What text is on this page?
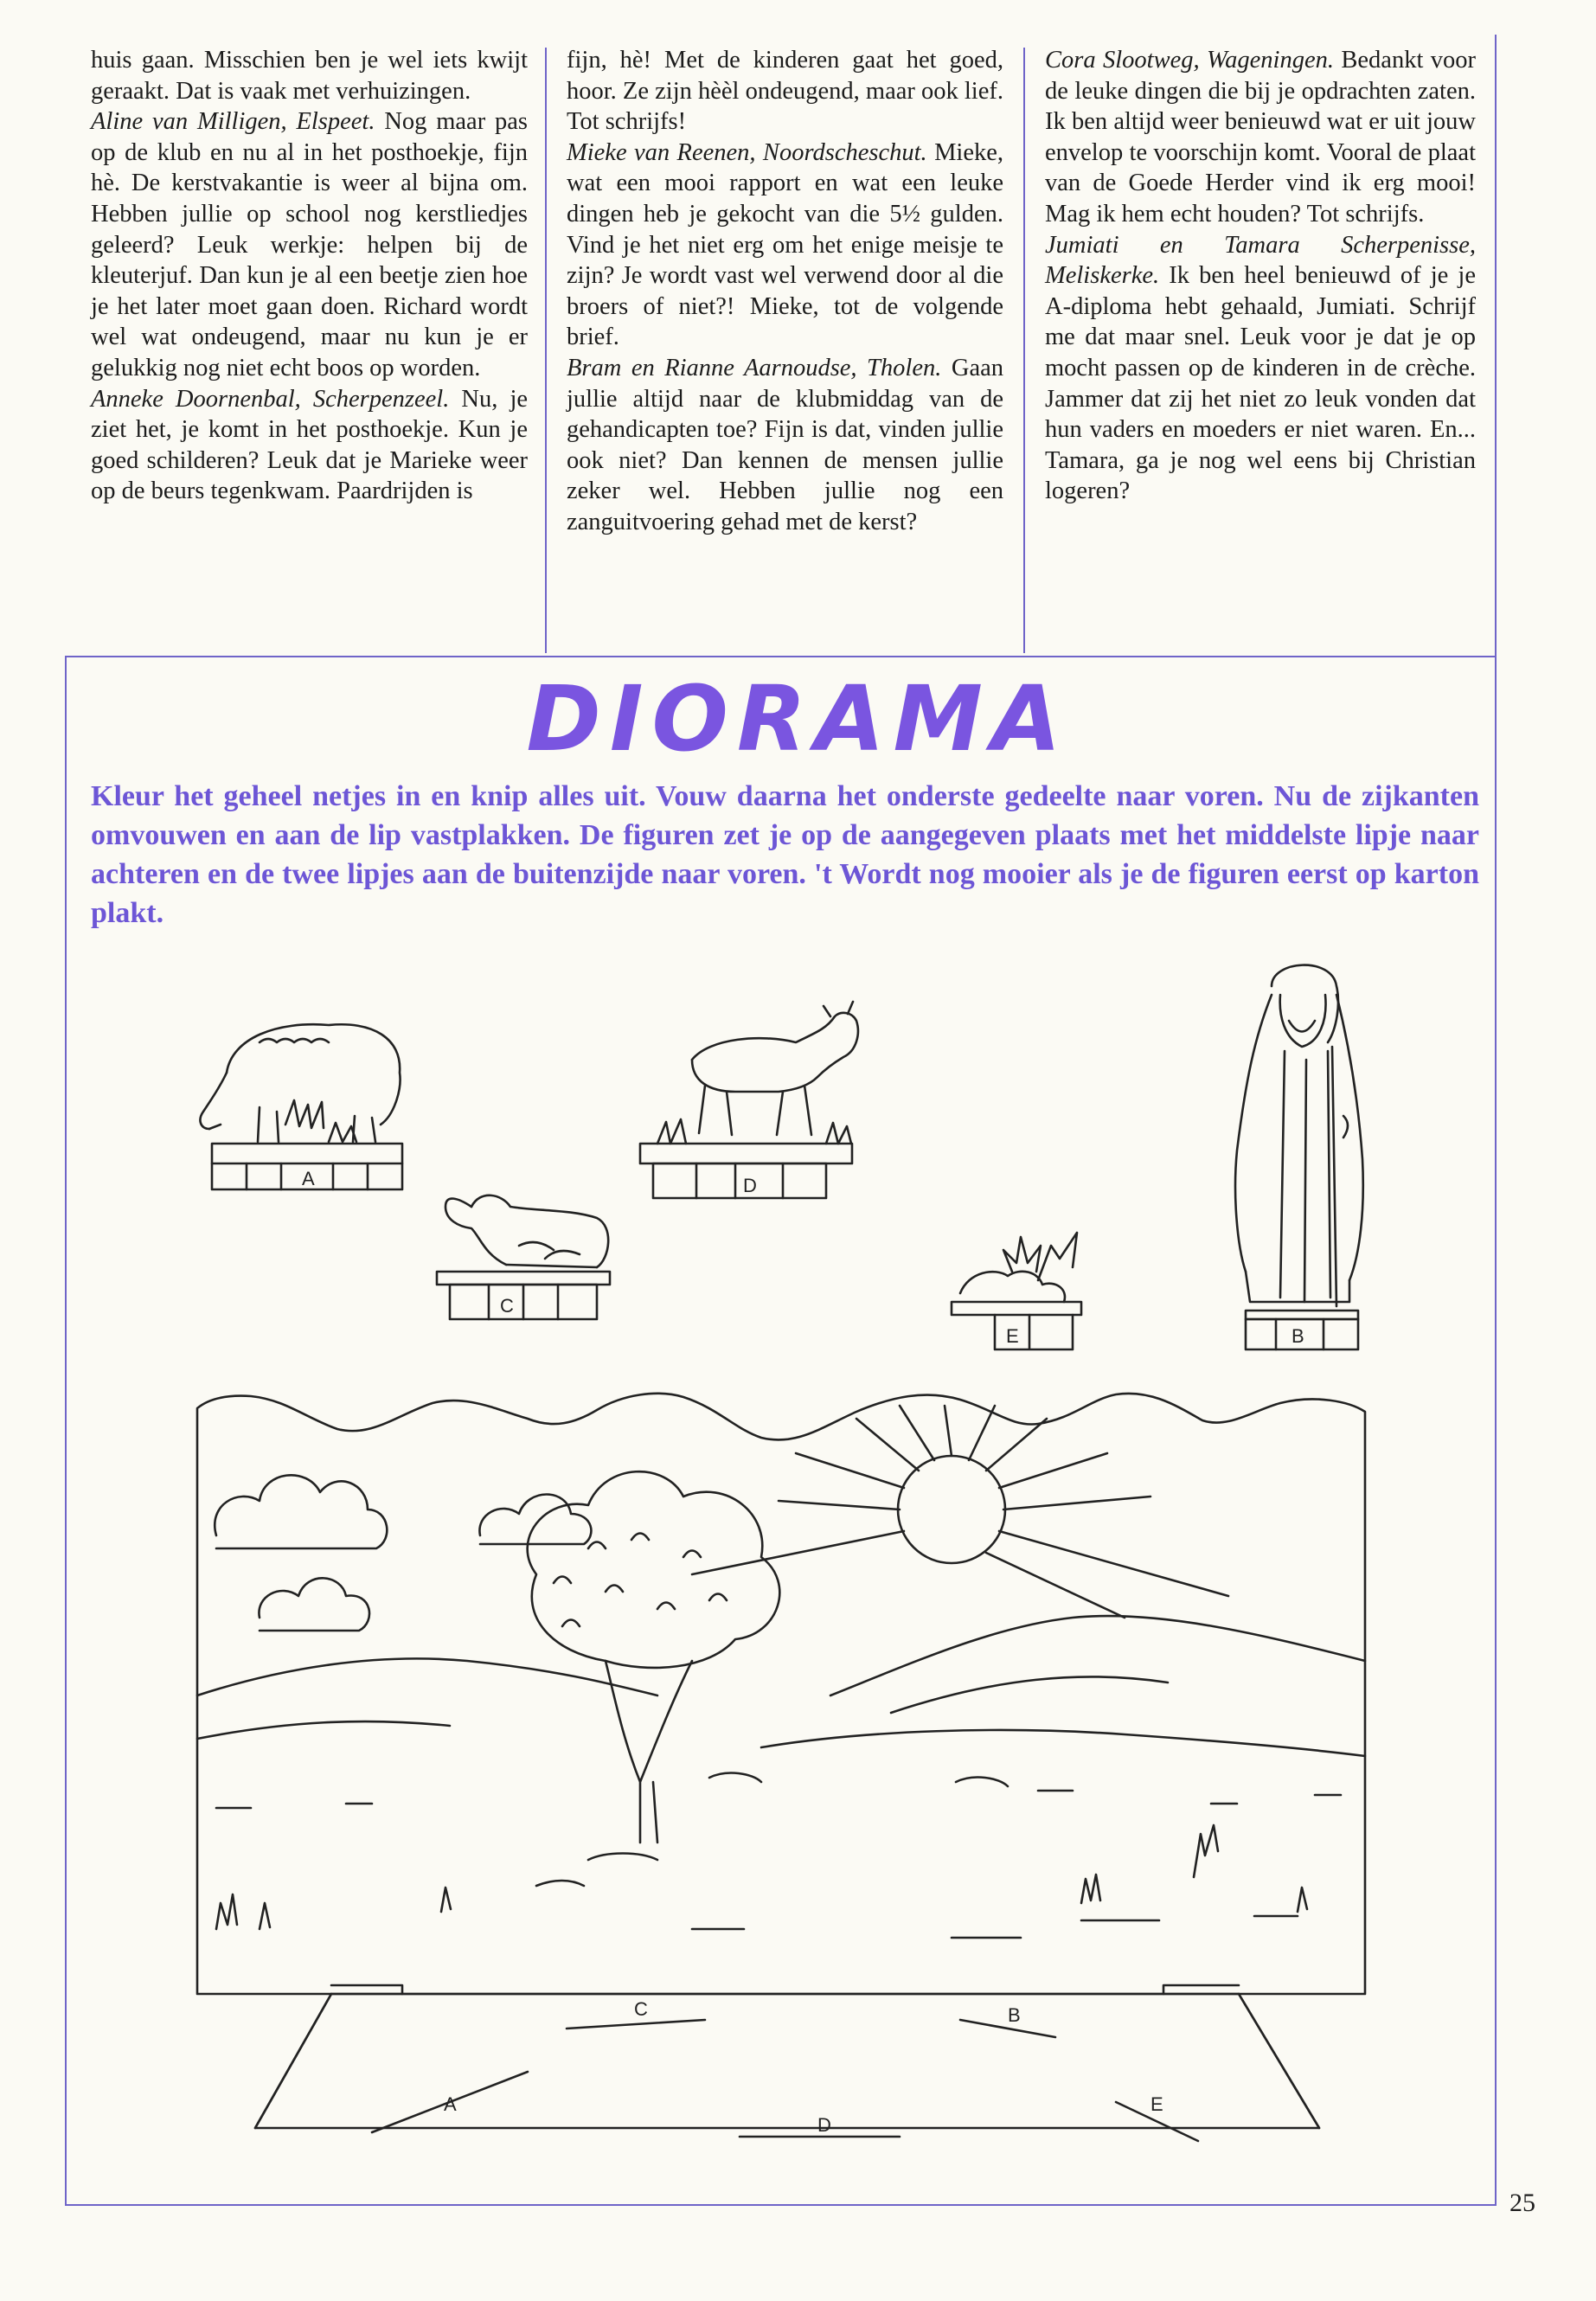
huis gaan. Misschien ben je wel iets kwijt geraakt. Dat is vaak met verhuizingen.

Aline van Milligen, Elspeet. Nog maar pas op de klub en nu al in het posthoekje, fijn hè. De kerstvakantie is weer al bijna om. Hebben jullie op school nog kerstliedjes geleerd? Leuk werkje: helpen bij de kleuterjuf. Dan kun je al een beetje zien hoe je het later moet gaan doen. Richard wordt wel wat ondeugend, maar nu kun je er gelukkig nog niet echt boos op worden.

Anneke Doornenbal, Scherpenzeel. Nu, je ziet het, je komt in het posthoekje. Kun je goed schilderen? Leuk dat je Marieke weer op de beurs tegenkwam. Paardrijden is

fijn, hè! Met de kinderen gaat het goed, hoor. Ze zijn hèèl ondeugend, maar ook lief. Tot schrijfs!

Mieke van Reenen, Noordscheschut. Mieke, wat een mooi rapport en wat een leuke dingen heb je gekocht van die 5½ gulden. Vind je het niet erg om het enige meisje te zijn? Je wordt vast wel verwend door al die broers of niet?! Mieke, tot de volgende brief.

Bram en Rianne Aarnoudse, Tholen. Gaan jullie altijd naar de klubmiddag van de gehandicapten toe? Fijn is dat, vinden jullie ook niet? Dan kennen de mensen jullie zeker wel. Hebben jullie nog een zanguitvoering gehad met de kerst?

Cora Slootweg, Wageningen. Bedankt voor de leuke dingen die bij je opdrachten zaten. Ik ben altijd weer benieuwd wat er uit jouw envelop te voorschijn komt. Vooral de plaat van de Goede Herder vind ik erg mooi! Mag ik hem echt houden? Tot schrijfs.

Jumiati en Tamara Scherpenisse, Meliskerke. Ik ben heel benieuwd of je je A-diploma hebt gehaald, Jumiati. Schrijf me dat maar snel. Leuk voor je dat je op mocht passen op de kinderen in de crèche. Jammer dat zij het niet zo leuk vonden dat hun vaders en moeders er niet waren. En... Tamara, ga je nog wel eens bij Christian logeren?

DIORAMA
Kleur het geheel netjes in en knip alles uit. Vouw daarna het onderste gedeelte naar voren. Nu de zijkanten omvouwen en aan de lip vastplakken. De figuren zet je op de aangegeven plaats met het middelste lipje naar achteren en de twee lipjes aan de buitenzijde naar voren. 't Wordt nog mooier als je de figuren eerst op karton plakt.
A	D
C
E	B
A
C
D
B
E
25
